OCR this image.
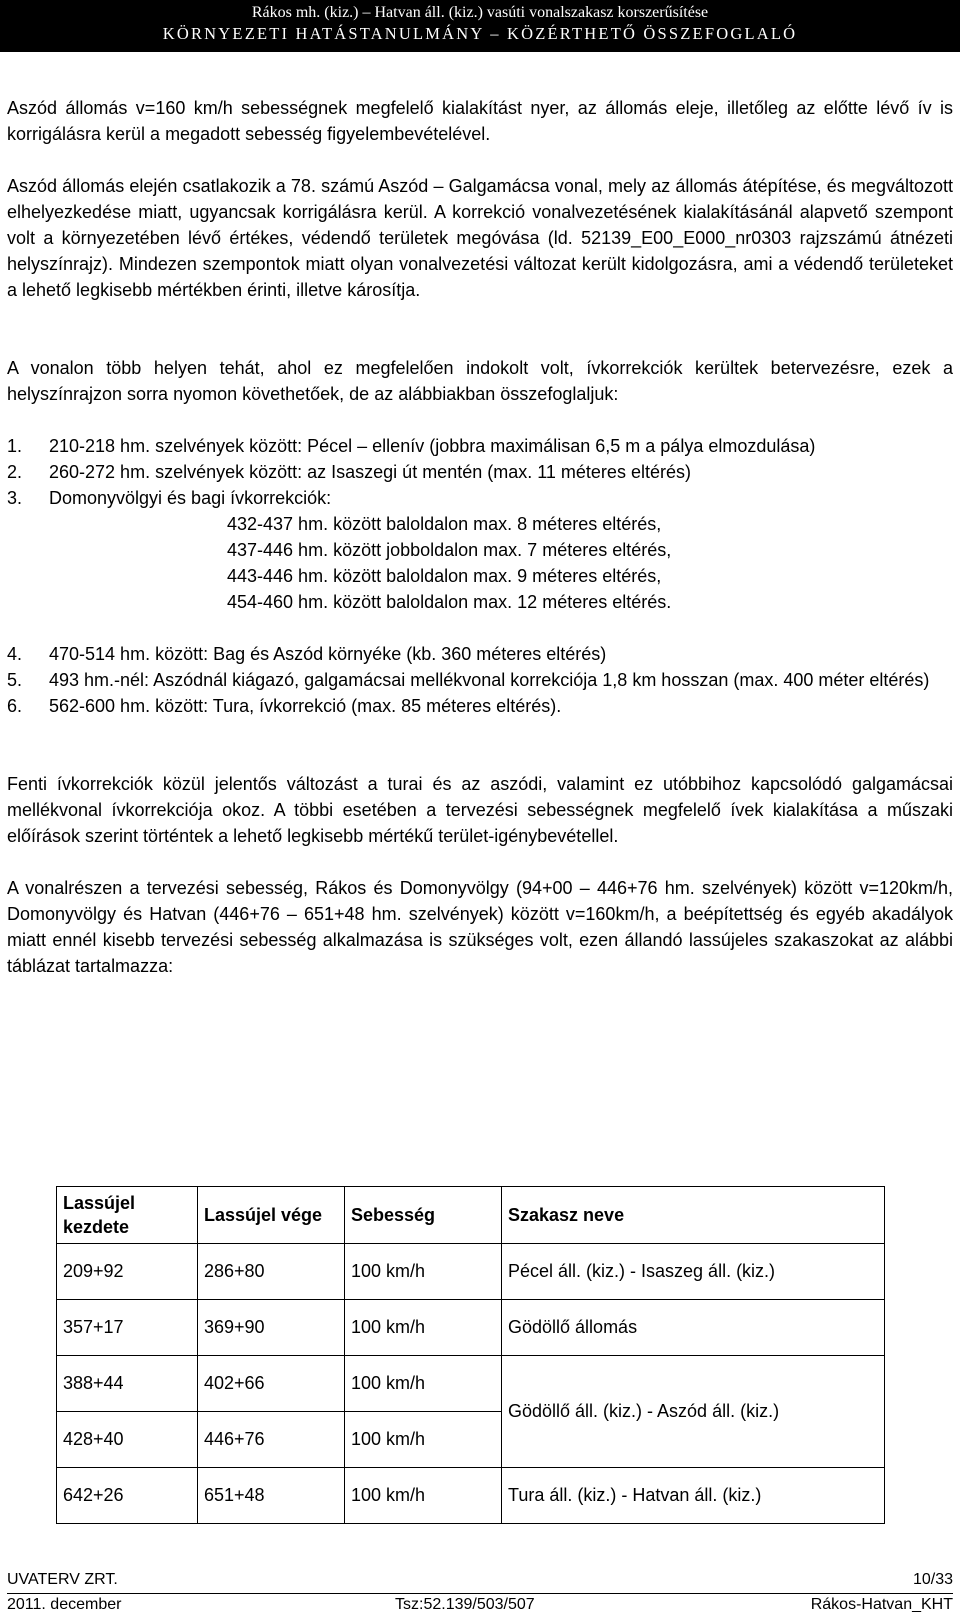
Rákos mh. (kiz.) – Hatvan áll. (kiz.) vasúti vonalszakasz korszerűsítése
KÖRNYEZETI HATÁSTANULMÁNY – KÖZÉRTHETŐ ÖSSZEFOGLALÓ

Aszód állomás v=160 km/h sebességnek megfelelő kialakítást nyer, az állomás eleje, illetőleg az előtte lévő ív is korrigálásra kerül a megadott sebesség figyelembevételével.

Aszód állomás elején csatlakozik a 78. számú Aszód – Galgamácsa vonal, mely az állomás átépítése, és megváltozott elhelyezkedése miatt, ugyancsak korrigálásra kerül. A korrekció vonalvezetésének kialakításánál alapvető szempont volt a környezetében lévő értékes, védendő területek megóvása (ld. 52139_E00_E000_nr0303 rajzszámú átnézeti helyszínrajz). Mindezen szempontok miatt olyan vonalvezetési változat került kidolgozásra, ami a védendő területeket a lehető legkisebb mértékben érinti, illetve károsítja.

A vonalon több helyen tehát, ahol ez megfelelően indokolt volt, ívkorrekciók kerültek betervezésre, ezek a helyszínrajzon sorra nyomon követhetőek, de az alábbiakban összefoglaljuk:

1.	210-218 hm. szelvények között: Pécel – ellenív (jobbra maximálisan 6,5 m a pálya elmozdulása)
2.	260-272 hm. szelvények között: az Isaszegi út mentén (max. 11 méteres eltérés)
3.	Domonyvölgyi és bagi ívkorrekciók:
432-437 hm. között baloldalon max. 8 méteres eltérés,
437-446 hm. között jobboldalon max. 7 méteres eltérés,
443-446 hm. között baloldalon max. 9 méteres eltérés,
454-460 hm. között baloldalon max. 12 méteres eltérés.
4.	470-514 hm. között: Bag és Aszód környéke (kb. 360 méteres eltérés)
5.	493 hm.-nél: Aszódnál kiágazó, galgamácsai mellékvonal korrekciója 1,8 km hosszan (max. 400 méter eltérés)
6.	562-600 hm. között: Tura, ívkorrekció (max. 85 méteres eltérés).

Fenti ívkorrekciók közül jelentős változást a turai és az aszódi, valamint ez utóbbihoz kapcsolódó galgamácsai mellékvonal ívkorrekciója okoz. A többi esetében a tervezési sebességnek megfelelő ívek kialakítása a műszaki előírások szerint történtek a lehető legkisebb mértékű terület-igénybevétellel.

A vonalrészen a tervezési sebesség, Rákos és Domonyvölgy (94+00 – 446+76 hm. szelvények) között v=120km/h, Domonyvölgy és Hatvan (446+76 – 651+48 hm. szelvények) között v=160km/h, a beépítettség és egyéb akadályok miatt ennél kisebb tervezési sebesség alkalmazása is szükséges volt, ezen állandó lassújeles szakaszokat az alábbi táblázat tartalmazza:

Lassújel kezdete	Lassújel vége	Sebesség	Szakasz neve
209+92	286+80	100 km/h	Pécel áll. (kiz.) - Isaszeg áll. (kiz.)
357+17	369+90	100 km/h	Gödöllő állomás
388+44	402+66	100 km/h	Gödöllő áll. (kiz.) - Aszód áll. (kiz.)
428+40	446+76	100 km/h	
642+26	651+48	100 km/h	Tura áll. (kiz.) - Hatvan áll. (kiz.)
UVATERV ZRT.	10/33
2011. december	Tsz:52.139/503/507	Rákos-Hatvan_KHT
